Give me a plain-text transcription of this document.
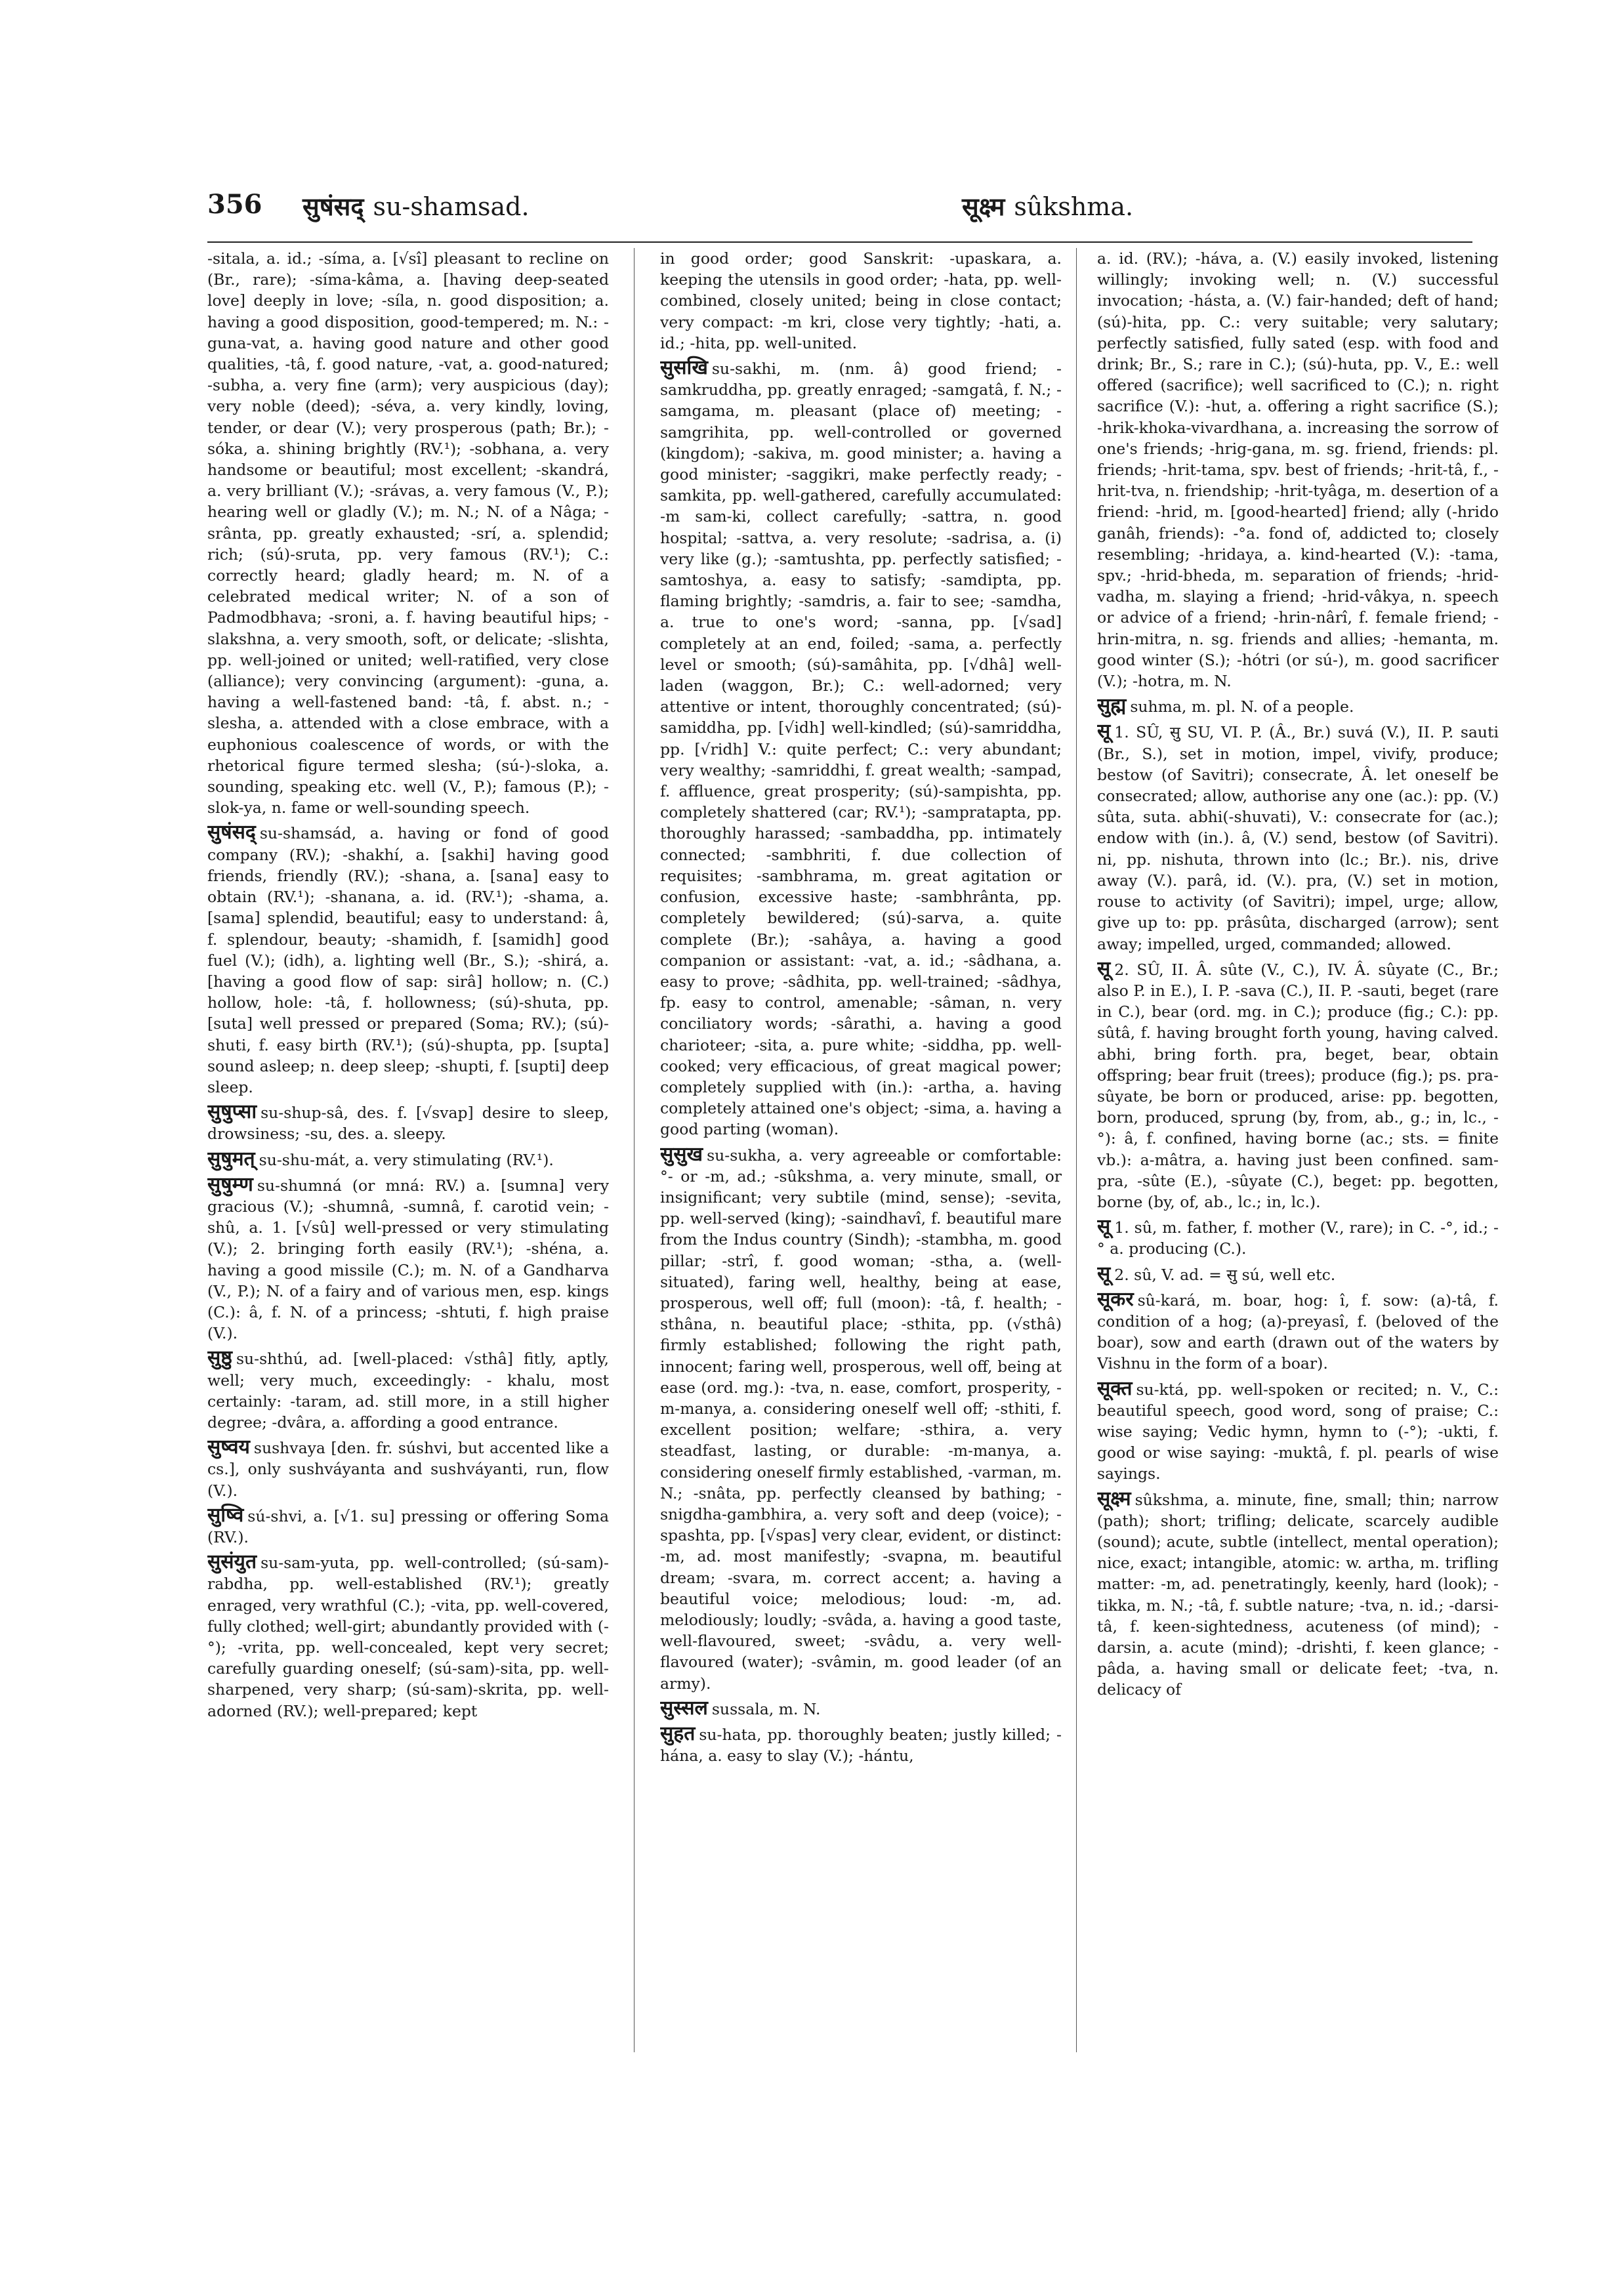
356 सुषंसद् su-shamsad.	सूक्ष्म sûkshma.

-sitala, a. id.; -síma, a. [√sî] pleasant to recline on (Br., rare); -síma-kâma, a. [having deep-seated love] deeply in love; -síla, n. good disposition; a. having a good disposition, good-tempered; m. N.: -guna-vat, a. having good nature and other good qualities, -tâ, f. good nature, -vat, a. good-natured; -subha, a. very fine (arm); very auspicious (day); very noble (deed); -séva, a. very kindly, loving, tender, or dear (V.); very prosperous (path; Br.); -sóka, a. shining brightly (RV.¹); -sobhana, a. very handsome or beautiful; most excellent; -skandrá, a. very brilliant (V.); -srávas, a. very famous (V., P.); hearing well or gladly (V.); m. N.; N. of a Nâga; -srânta, pp. greatly exhausted; -srí, a. splendid; rich; (sú)-sruta, pp. very famous (RV.¹); C.: correctly heard; gladly heard; m. N. of a celebrated medical writer; N. of a son of Padmodbhava; -sroni, a. f. having beautiful hips; -slakshna, a. very smooth, soft, or delicate; -slishta, pp. well-joined or united; well-ratified, very close (alliance); very convincing (argument): -guna, a. having a well-fastened band: -tâ, f. abst. n.; -slesha, a. attended with a close embrace, with a euphonious coalescence of words, or with the rhetorical figure termed slesha; (sú-)-sloka, a. sounding, speaking etc. well (V., P.); famous (P.); -slok-ya, n. fame or well-sounding speech.

सुषंसद् su-shamsád, a. having or fond of good company (RV.); -shakhí, a. [sakhi] having good friends, friendly (RV.); -shana, a. [sana] easy to obtain (RV.¹); -shanana, a. id. (RV.¹); -shama, a. [sama] splendid, beautiful; easy to understand: â, f. splendour, beauty; -shamidh, f. [samidh] good fuel (V.); (idh), a. lighting well (Br., S.); -shirá, a. [having a good flow of sap: sirâ] hollow; n. (C.) hollow, hole: -tâ, f. hollowness; (sú)-shuta, pp. [suta] well pressed or prepared (Soma; RV.); (sú)-shuti, f. easy birth (RV.¹); (sú)-shupta, pp. [supta] sound asleep; n. deep sleep; -shupti, f. [supti] deep sleep.

सुषुप्सा su-shup-sâ, des. f. [√svap] desire to sleep, drowsiness; -su, des. a. sleepy.

सुषुमत् su-shu-mát, a. very stimulating (RV.¹).

सुषुम्ण su-shumná (or mná: RV.) a. [sumna] very gracious (V.); -shumnâ, -sumnâ, f. carotid vein; -shû, a. 1. [√sû] well-pressed or very stimulating (V.); 2. bringing forth easily (RV.¹); -shéna, a. having a good missile (C.); m. N. of a Gandharva (V., P.); N. of a fairy and of various men, esp. kings (C.): â, f. N. of a princess; -shtuti, f. high praise (V.).

सुष्ठु su-shthú, ad. [well-placed: √sthâ] fitly, aptly, well; very much, exceedingly: - khalu, most certainly: -taram, ad. still more, in a still higher degree; -dvâra, a. affording a good entrance.

सुष्वय sushvaya [den. fr. súshvi, but accented like a cs.], only sushváyanta and sushváyanti, run, flow (V.).

सुष्वि sú-shvi, a. [√1. su] pressing or offering Soma (RV.).

सुसंयुत su-sam-yuta, pp. well-controlled; (sú-sam)-rabdha, pp. well-established (RV.¹); greatly enraged, very wrathful (C.); -vita, pp. well-covered, fully clothed; well-girt; abundantly provided with (-°); -vrita, pp. well-concealed, kept very secret; carefully guarding oneself; (sú-sam)-sita, pp. well-sharpened, very sharp; (sú-sam)-skrita, pp. well-adorned (RV.); well-prepared; kept

in good order; good Sanskrit: -upaskara, a. keeping the utensils in good order; -hata, pp. well-combined, closely united; being in close contact; very compact: -m kri, close very tightly; -hati, a. id.; -hita, pp. well-united.

सुसखि su-sakhi, m. (nm. â) good friend; -samkruddha, pp. greatly enraged; -samgatâ, f. N.; -samgama, m. pleasant (place of) meeting; -samgrihita, pp. well-controlled or governed (kingdom); -sakiva, m. good minister; a. having a good minister; -saggikri, make perfectly ready; -samkita, pp. well-gathered, carefully accumulated: -m sam-ki, collect carefully; -sattra, n. good hospital; -sattva, a. very resolute; -sadrisa, a. (i) very like (g.); -samtushta, pp. perfectly satisfied; -samtoshya, a. easy to satisfy; -samdipta, pp. flaming brightly; -samdris, a. fair to see; -samdha, a. true to one's word; -sanna, pp. [√sad] completely at an end, foiled; -sama, a. perfectly level or smooth; (sú)-samâhita, pp. [√dhâ] well-laden (waggon, Br.); C.: well-adorned; very attentive or intent, thoroughly concentrated; (sú)-samiddha, pp. [√idh] well-kindled; (sú)-samriddha, pp. [√ridh] V.: quite perfect; C.: very abundant; very wealthy; -samriddhi, f. great wealth; -sampad, f. affluence, great prosperity; (sú)-sampishta, pp. completely shattered (car; RV.¹); -sampratapta, pp. thoroughly harassed; -sambaddha, pp. intimately connected; -sambhriti, f. due collection of requisites; -sambhrama, m. great agitation or confusion, excessive haste; -sambhrânta, pp. completely bewildered; (sú)-sarva, a. quite complete (Br.); -sahâya, a. having a good companion or assistant: -vat, a. id.; -sâdhana, a. easy to prove; -sâdhita, pp. well-trained; -sâdhya, fp. easy to control, amenable; -sâman, n. very conciliatory words; -sârathi, a. having a good charioteer; -sita, a. pure white; -siddha, pp. well-cooked; very efficacious, of great magical power; completely supplied with (in.): -artha, a. having completely attained one's object; -sima, a. having a good parting (woman).

सुसुख su-sukha, a. very agreeable or comfortable: °- or -m, ad.; -sûkshma, a. very minute, small, or insignificant; very subtile (mind, sense); -sevita, pp. well-served (king); -saindhavî, f. beautiful mare from the Indus country (Sindh); -stambha, m. good pillar; -strî, f. good woman; -stha, a. (well-situated), faring well, healthy, being at ease, prosperous, well off; full (moon): -tâ, f. health; -sthâna, n. beautiful place; -sthita, pp. (√sthâ) firmly established; following the right path, innocent; faring well, prosperous, well off, being at ease (ord. mg.): -tva, n. ease, comfort, prosperity, -m-manya, a. considering oneself well off; -sthiti, f. excellent position; welfare; -sthira, a. very steadfast, lasting, or durable: -m-manya, a. considering oneself firmly established, -varman, m. N.; -snâta, pp. perfectly cleansed by bathing; -snigdha-gambhira, a. very soft and deep (voice); -spashta, pp. [√spas] very clear, evident, or distinct: -m, ad. most manifestly; -svapna, m. beautiful dream; -svara, m. correct accent; a. having a beautiful voice; melodious; loud: -m, ad. melodiously; loudly; -svâda, a. having a good taste, well-flavoured, sweet; -svâdu, a. very well-flavoured (water); -svâmin, m. good leader (of an army).

सुस्सल sussala, m. N.

सुहत su-hata, pp. thoroughly beaten; justly killed; -hána, a. easy to slay (V.); -hántu,

a. id. (RV.); -háva, a. (V.) easily invoked, listening willingly; invoking well; n. (V.) successful invocation; -hásta, a. (V.) fair-handed; deft of hand; (sú)-hita, pp. C.: very suitable; very salutary; perfectly satisfied, fully sated (esp. with food and drink; Br., S.; rare in C.); (sú)-huta, pp. V., E.: well offered (sacrifice); well sacrificed to (C.); n. right sacrifice (V.): -hut, a. offering a right sacrifice (S.); -hrik-khoka-vivardhana, a. increasing the sorrow of one's friends; -hrig-gana, m. sg. friend, friends: pl. friends; -hrit-tama, spv. best of friends; -hrit-tâ, f., -hrit-tva, n. friendship; -hrit-tyâga, m. desertion of a friend: -hrid, m. [good-hearted] friend; ally (-hrido ganâh, friends): -°a. fond of, addicted to; closely resembling; -hridaya, a. kind-hearted (V.): -tama, spv.; -hrid-bheda, m. separation of friends; -hrid-vadha, m. slaying a friend; -hrid-vâkya, n. speech or advice of a friend; -hrin-nârî, f. female friend; -hrin-mitra, n. sg. friends and allies; -hemanta, m. good winter (S.); -hótri (or sú-), m. good sacrificer (V.); -hotra, m. N.

सुह्म suhma, m. pl. N. of a people.

सू 1. SÛ, सु SU, VI. P. (Â., Br.) suvá (V.), II. P. sauti (Br., S.), set in motion, impel, vivify, produce; bestow (of Savitri); consecrate, Â. let oneself be consecrated; allow, authorise any one (ac.): pp. (V.) sûta, suta. abhi(-shuvati), V.: consecrate for (ac.); endow with (in.). â, (V.) send, bestow (of Savitri). ni, pp. nishuta, thrown into (lc.; Br.). nis, drive away (V.). parâ, id. (V.). pra, (V.) set in motion, rouse to activity (of Savitri); impel, urge; allow, give up to: pp. prâsûta, discharged (arrow); sent away; impelled, urged, commanded; allowed.

सू 2. SÛ, II. Â. sûte (V., C.), IV. Â. sûyate (C., Br.; also P. in E.), I. P. -sava (C.), II. P. -sauti, beget (rare in C.), bear (ord. mg. in C.); produce (fig.; C.): pp. sûtâ, f. having brought forth young, having calved. abhi, bring forth. pra, beget, bear, obtain offspring; bear fruit (trees); produce (fig.); ps. pra-sûyate, be born or produced, arise: pp. begotten, born, produced, sprung (by, from, ab., g.; in, lc., -°): â, f. confined, having borne (ac.; sts. = finite vb.): a-mâtra, a. having just been confined. sam-pra, -sûte (E.), -sûyate (C.), beget: pp. begotten, borne (by, of, ab., lc.; in, lc.).

सू 1. sû, m. father, f. mother (V., rare); in C. -°, id.; -° a. producing (C.).

सू 2. sû, V. ad. = सु sú, well etc.

सूकर sû-kará, m. boar, hog: î, f. sow: (a)-tâ, f. condition of a hog; (a)-preyasî, f. (beloved of the boar), sow and earth (drawn out of the waters by Vishnu in the form of a boar).

सूक्त su-ktá, pp. well-spoken or recited; n. V., C.: beautiful speech, good word, song of praise; C.: wise saying; Vedic hymn, hymn to (-°); -ukti, f. good or wise saying: -muktâ, f. pl. pearls of wise sayings.

सूक्ष्म sûkshma, a. minute, fine, small; thin; narrow (path); short; trifling; delicate, scarcely audible (sound); acute, subtle (intellect, mental operation); nice, exact; intangible, atomic: w. artha, m. trifling matter: -m, ad. penetratingly, keenly, hard (look); -tikka, m. N.; -tâ, f. subtle nature; -tva, n. id.; -darsi-tâ, f. keen-sightedness, acuteness (of mind); -darsin, a. acute (mind); -drishti, f. keen glance; -pâda, a. having small or delicate feet; -tva, n. delicacy of
